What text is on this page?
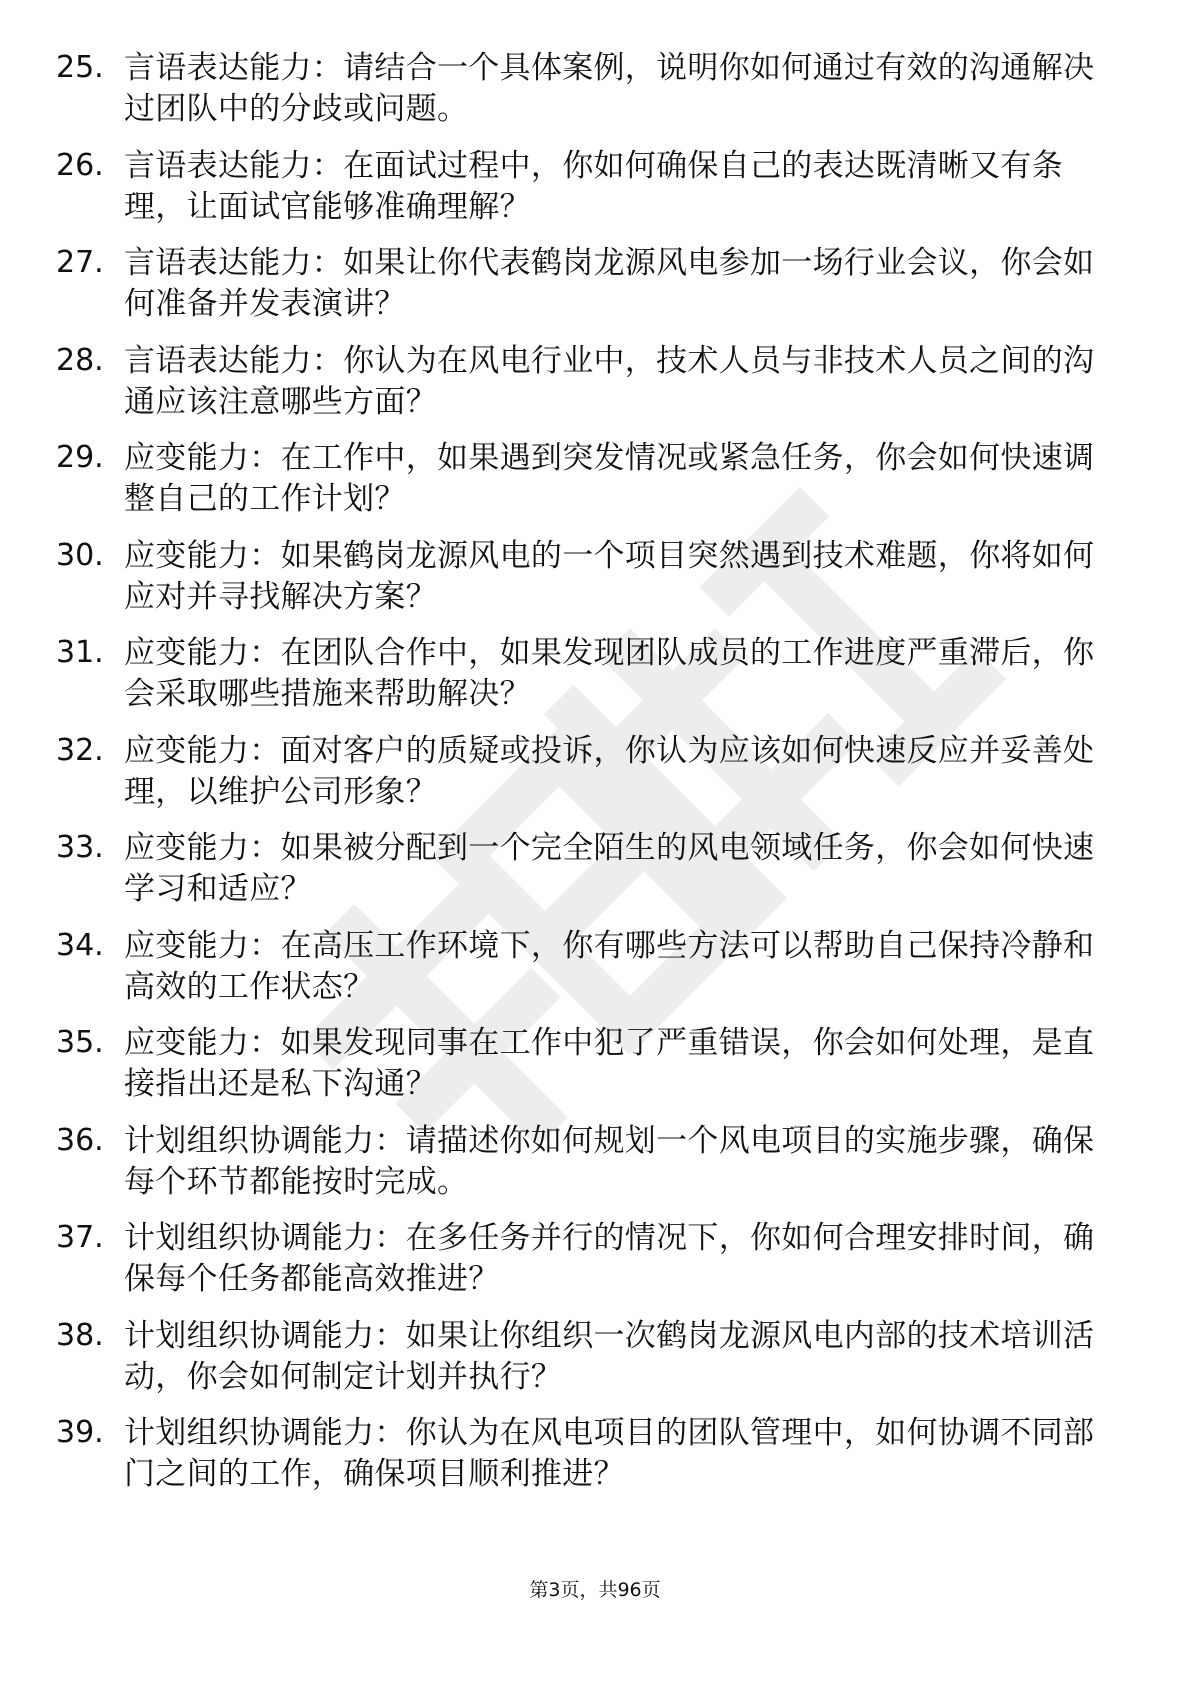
25. 言语表达能力：请结合一个具体案例，说明你如何通过有效的沟通解决过团队中的分歧或问题。
26. 言语表达能力：在面试过程中，你如何确保自己的表达既清晰又有条理，让面试官能够准确理解？
27. 言语表达能力：如果让你代表鹤岗龙源风电参加一场行业会议，你会如何准备并发表演讲？
28. 言语表达能力：你认为在风电行业中，技术人员与非技术人员之间的沟通应该注意哪些方面？
29. 应变能力：在工作中，如果遇到突发情况或紧急任务，你会如何快速调整自己的工作计划？
30. 应变能力：如果鹤岗龙源风电的一个项目突然遇到技术难题，你将如何应对并寻找解决方案？
31. 应变能力：在团队合作中，如果发现团队成员的工作进度严重滞后，你会采取哪些措施来帮助解决？
32. 应变能力：面对客户的质疑或投诉，你认为应该如何快速反应并妥善处理，以维护公司形象？
33. 应变能力：如果被分配到一个完全陌生的风电领域任务，你会如何快速学习和适应？
34. 应变能力：在高压工作环境下，你有哪些方法可以帮助自己保持冷静和高效的工作状态？
35. 应变能力：如果发现同事在工作中犯了严重错误，你会如何处理，是直接指出还是私下沟通？
36. 计划组织协调能力：请描述你如何规划一个风电项目的实施步骤，确保每个环节都能按时完成。
37. 计划组织协调能力：在多任务并行的情况下，你如何合理安排时间，确保每个任务都能高效推进？
38. 计划组织协调能力：如果让你组织一次鹤岗龙源风电内部的技术培训活动，你会如何制定计划并执行？
39. 计划组织协调能力：你认为在风电项目的团队管理中，如何协调不同部门之间的工作，确保项目顺利推进？
第3页，共96页
